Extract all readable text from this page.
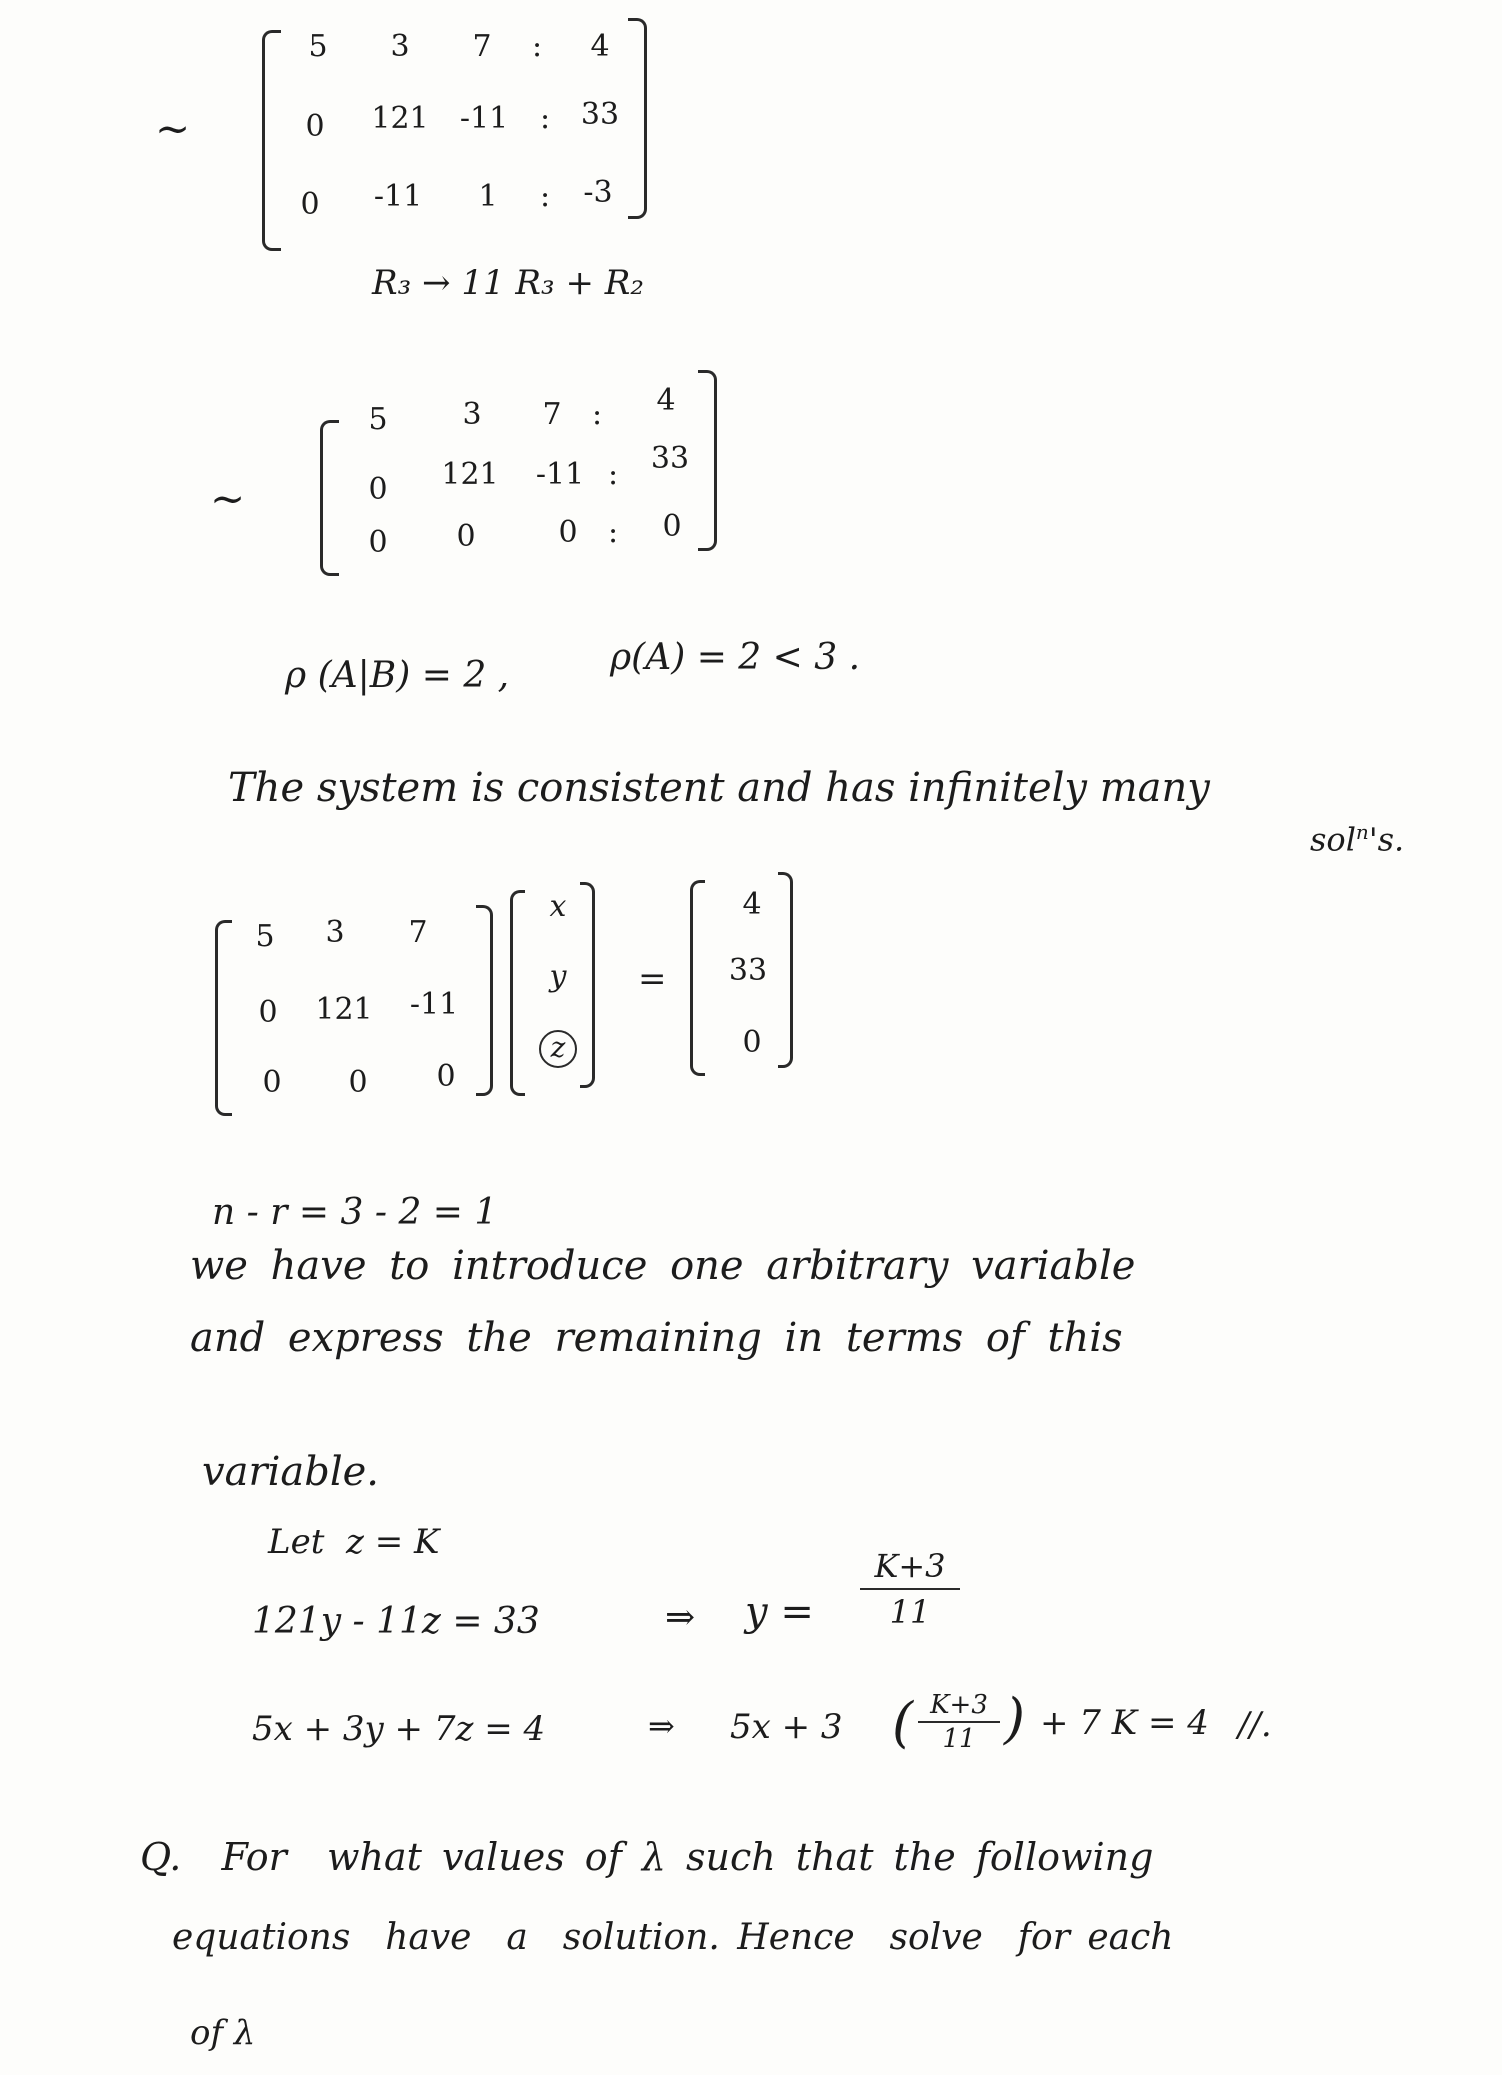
~
5	3	7	:	4
0	121	-11	:	33
0	-11	1	:	-3
R₃ → 11 R₃ + R₂
~
5	3	7	:	4
0	121	-11 :	33
0	0	0	:	0
ρ (A|B) = 2 ,	ρ(A) = 2 < 3 .
The system is consistent and has infinitely many
sol$^n$'s.
5	3	7
0	121	-11
0	0	0
x
y
z
=
4
33
0
n - r = 3 - 2 = 1
we have to introduce one arbitrary variable
and express the remaining in terms of this
variable.
Let  z = K
121y - 11z = 33	⇒ y =
K+3
11
5x + 3y + 7z = 4	⇒ 5x + 3 ( K+3
11 ) + 7 K = 4 //.
Q.  For  what values of λ such that the following
equations  have  a  solution. Hence  solve  for each
of λ
